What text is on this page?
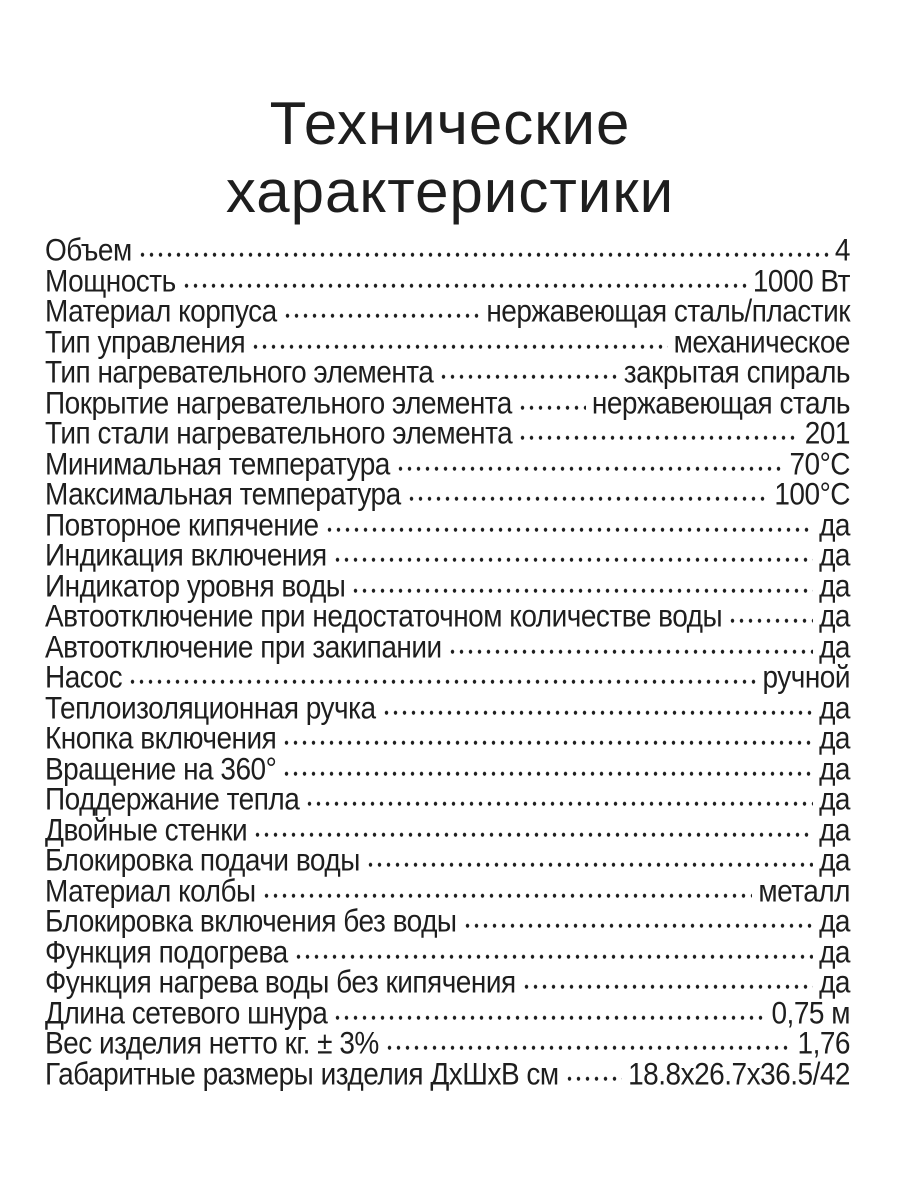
Технические
характеристики
Объем	4
Мощность	1000 Вт
Материал корпуса	нержавеющая сталь/пластик
Тип управления	механическое
Тип нагревательного элемента	закрытая спираль
Покрытие нагревательного элемента	нержавеющая сталь
Тип стали нагревательного элемента	201
Минимальная температура	70°C
Максимальная температура	100°C
Повторное кипячение	да
Индикация включения	да
Индикатор уровня воды	да
Автоотключение при недостаточном количестве воды	да
Автоотключение при закипании	да
Насос	ручной
Теплоизоляционная ручка	да
Кнопка включения	да
Вращение на 360°	да
Поддержание тепла	да
Двойные стенки	да
Блокировка подачи воды	да
Материал колбы	металл
Блокировка включения без воды	да
Функция подогрева	да
Функция нагрева воды без кипячения	да
Длина сетевого шнура	0,75 м
Вес изделия нетто кг. ± 3%	1,76
Габаритные размеры изделия ДхШхВ см 18.8x26.7x36.5/42
